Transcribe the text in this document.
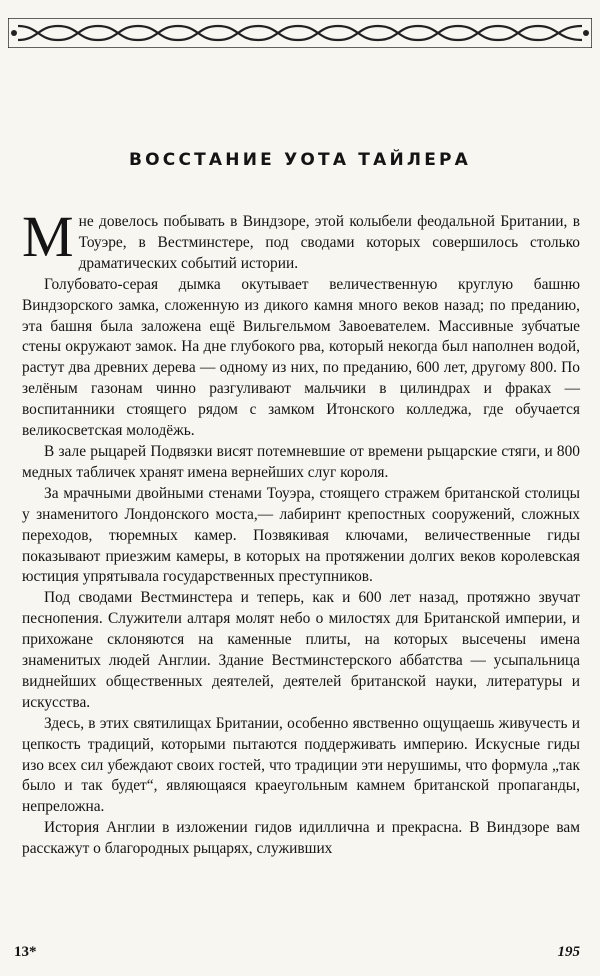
ВОССТАНИЕ УОТА ТАЙЛЕРА

Мне довелось побывать в Виндзоре, этой колыбели феодальной Британии, в Тоуэре, в Вестминстере, под сводами которых совершилось столько драматических событий истории.

Голубовато-серая дымка окутывает величественную круглую башню Виндзорского замка, сложенную из дикого камня много веков назад; по преданию, эта башня была заложена ещё Вильгельмом Завоевателем. Массивные зубчатые стены окружают замок. На дне глубокого рва, который некогда был наполнен водой, растут два древних дерева — одному из них, по преданию, 600 лет, другому 800. По зелёным газонам чинно разгуливают мальчики в цилиндрах и фраках — воспитанники стоящего рядом с замком Итонского колледжа, где обучается великосветская молодёжь.

В зале рыцарей Подвязки висят потемневшие от времени рыцарские стяги, и 800 медных табличек хранят имена вернейших слуг короля.

За мрачными двойными стенами Тоуэра, стоящего стражем британской столицы у знаменитого Лондонского моста,— лабиринт крепостных сооружений, сложных переходов, тюремных камер. Позвякивая ключами, величественные гиды показывают приезжим камеры, в которых на протяжении долгих веков королевская юстиция упрятывала государственных преступников.

Под сводами Вестминстера и теперь, как и 600 лет назад, протяжно звучат песнопения. Служители алтаря молят небо о милостях для Британской империи, и прихожане склоняются на каменные плиты, на которых высечены имена знаменитых людей Англии. Здание Вестминстерского аббатства — усыпальница виднейших общественных деятелей, деятелей британской науки, литературы и искусства.

Здесь, в этих святилищах Британии, особенно явственно ощущаешь живучесть и цепкость традиций, которыми пытаются поддерживать империю. Искусные гиды изо всех сил убеждают своих гостей, что традиции эти нерушимы, что формула „так было и так будет“, являющаяся краеугольным камнем британской пропаганды, непреложна.

История Англии в изложении гидов идиллична и прекрасна. В Виндзоре вам расскажут о благородных рыцарях, служивших

13*	195
